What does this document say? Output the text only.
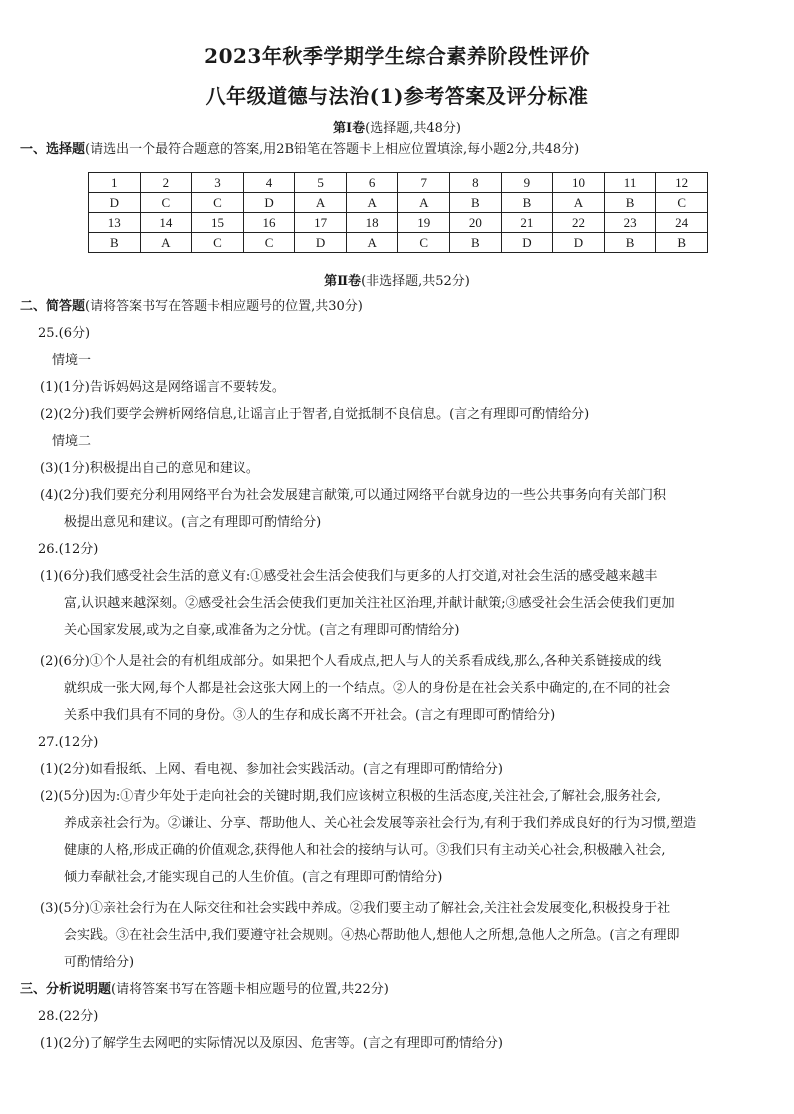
2023年秋季学期学生综合素养阶段性评价
八年级道德与法治(1)参考答案及评分标准
第Ⅰ卷(选择题,共48分)
一、选择题(请选出一个最符合题意的答案,用2B铅笔在答题卡上相应位置填涂,每小题2分,共48分)
1	2	3	4	5	6	7	8	9	10	11	12
D	C	C	D	A	A	A	B	B	A	B	C
13	14	15	16	17	18	19	20	21	22	23	24
B	A	C	C	D	A	C	B	D	D	B	B
第Ⅱ卷(非选择题,共52分)
二、简答题(请将答案书写在答题卡相应题号的位置,共30分)
25.(6分)
情境一
(1)(1分)告诉妈妈这是网络谣言不要转发。
(2)(2分)我们要学会辨析网络信息,让谣言止于智者,自觉抵制不良信息。(言之有理即可酌情给分)
情境二
(3)(1分)积极提出自己的意见和建议。
(4)(2分)我们要充分利用网络平台为社会发展建言献策,可以通过网络平台就身边的一些公共事务向有关部门积
极提出意见和建议。(言之有理即可酌情给分)
26.(12分)
(1)(6分)我们感受社会生活的意义有:①感受社会生活会使我们与更多的人打交道,对社会生活的感受越来越丰
富,认识越来越深刻。②感受社会生活会使我们更加关注社区治理,并献计献策;③感受社会生活会使我们更加
关心国家发展,或为之自豪,或准备为之分忧。(言之有理即可酌情给分)
(2)(6分)①个人是社会的有机组成部分。如果把个人看成点,把人与人的关系看成线,那么,各种关系链接成的线
就织成一张大网,每个人都是社会这张大网上的一个结点。②人的身份是在社会关系中确定的,在不同的社会
关系中我们具有不同的身份。③人的生存和成长离不开社会。(言之有理即可酌情给分)
27.(12分)
(1)(2分)如看报纸、上网、看电视、参加社会实践活动。(言之有理即可酌情给分)
(2)(5分)因为:①青少年处于走向社会的关键时期,我们应该树立积极的生活态度,关注社会,了解社会,服务社会,
养成亲社会行为。②谦让、分享、帮助他人、关心社会发展等亲社会行为,有利于我们养成良好的行为习惯,塑造
健康的人格,形成正确的价值观念,获得他人和社会的接纳与认可。③我们只有主动关心社会,积极融入社会,
倾力奉献社会,才能实现自己的人生价值。(言之有理即可酌情给分)
(3)(5分)①亲社会行为在人际交往和社会实践中养成。②我们要主动了解社会,关注社会发展变化,积极投身于社
会实践。③在社会生活中,我们要遵守社会规则。④热心帮助他人,想他人之所想,急他人之所急。(言之有理即
可酌情给分)
三、分析说明题(请将答案书写在答题卡相应题号的位置,共22分)
28.(22分)
(1)(2分)了解学生去网吧的实际情况以及原因、危害等。(言之有理即可酌情给分)
